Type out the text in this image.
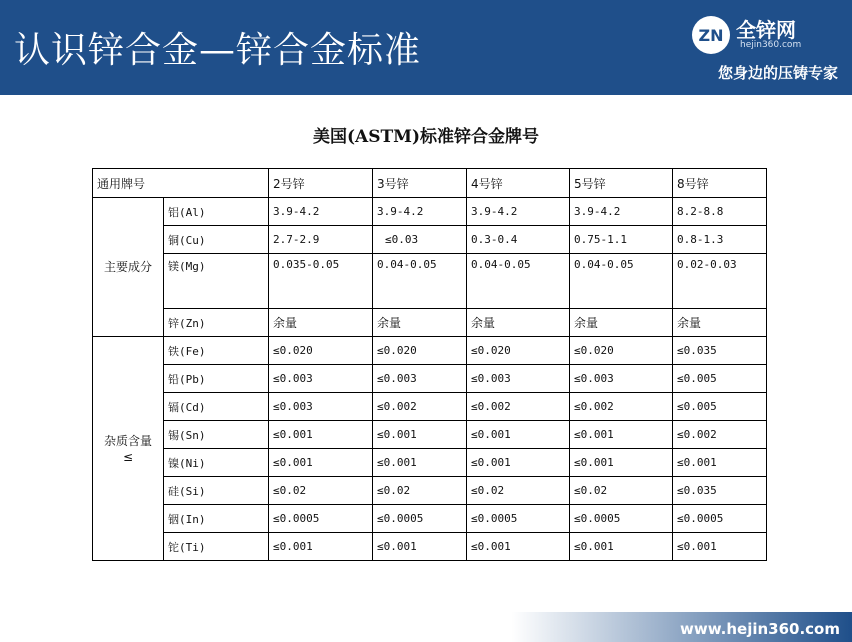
认识锌合金—锌合金标准	ZN 全锌网
hejin360.com
您身边的压铸专家
美国(ASTM)标准锌合金牌号
通用牌号		2号锌	3号锌	4号锌	5号锌	8号锌
主要成分	铝(Al)	3.9-4.2	3.9-4.2	3.9-4.2	3.9-4.2	8.2-8.8
	铜(Cu)	2.7-2.9	≤0.03	0.3-0.4	0.75-1.1	0.8-1.3
	镁(Mg)	0.035-0.05	0.04-0.05	0.04-0.05	0.04-0.05	0.02-0.03
	锌(Zn)	余量	余量	余量	余量	余量

杂质含量
≤	铁(Fe)	≤0.020	≤0.020	≤0.020	≤0.020	≤0.035
	铅(Pb)	≤0.003	≤0.003	≤0.003	≤0.003	≤0.005
	镉(Cd)	≤0.003	≤0.002	≤0.002	≤0.002	≤0.005
	锡(Sn)	≤0.001	≤0.001	≤0.001	≤0.001	≤0.002
	镍(Ni)	≤0.001	≤0.001	≤0.001	≤0.001	≤0.001
	硅(Si)	≤0.02	≤0.02	≤0.02	≤0.02	≤0.035
	铟(In)	≤0.0005	≤0.0005	≤0.0005	≤0.0005	≤0.0005
	铊(Ti)	≤0.001	≤0.001	≤0.001	≤0.001	≤0.001
www.hejin360.com
